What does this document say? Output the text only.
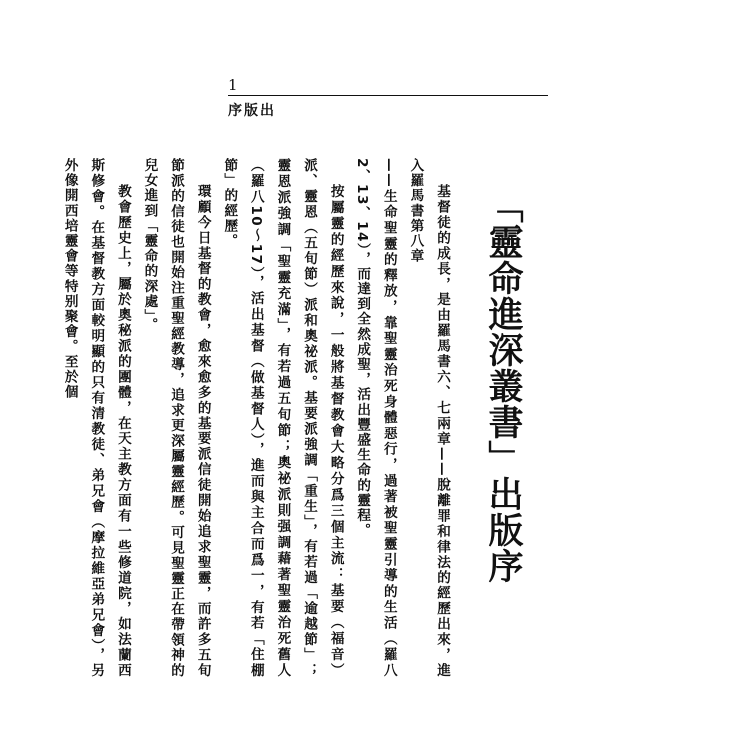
1
序版出
「靈命進深叢書」出版序

基督徒的成長，是由羅馬書六、七兩章——脫離罪和律法的經歷出來，進入羅馬書第八章

——生命聖靈的釋放，靠聖靈治死身體惡行，過著被聖靈引導的生活（羅八2、13、14），而達到全然成聖，活出豐盛生命的靈程。

按屬靈的經歷來說，一般將基督教會大略分爲三個主流：基要（福音）派、靈恩（五旬節）派和奧祕派。基要派強調「重生」，有若過「逾越節」；靈恩派強調「聖靈充滿」，有若過五旬節；奧祕派則强調藉著聖靈治死舊人（羅八10～17），活出基督（做基督人），進而與主合而爲一，有若「住棚節」的經歷。

環顧今日基督的教會，愈來愈多的基要派信徒開始追求聖靈，而許多五旬節派的信徒也開始注重聖經教導，追求更深屬靈經歷。可見聖靈正在帶領神的兒女進到「靈命的深處」。

教會歷史上，屬於奧秘派的團體，在天主教方面有一些修道院，如法蘭西斯修會。在基督教方面較明顯的只有清教徒、弟兄會（摩拉維亞弟兄會），另外像開西培靈會等特别聚會。至於個
